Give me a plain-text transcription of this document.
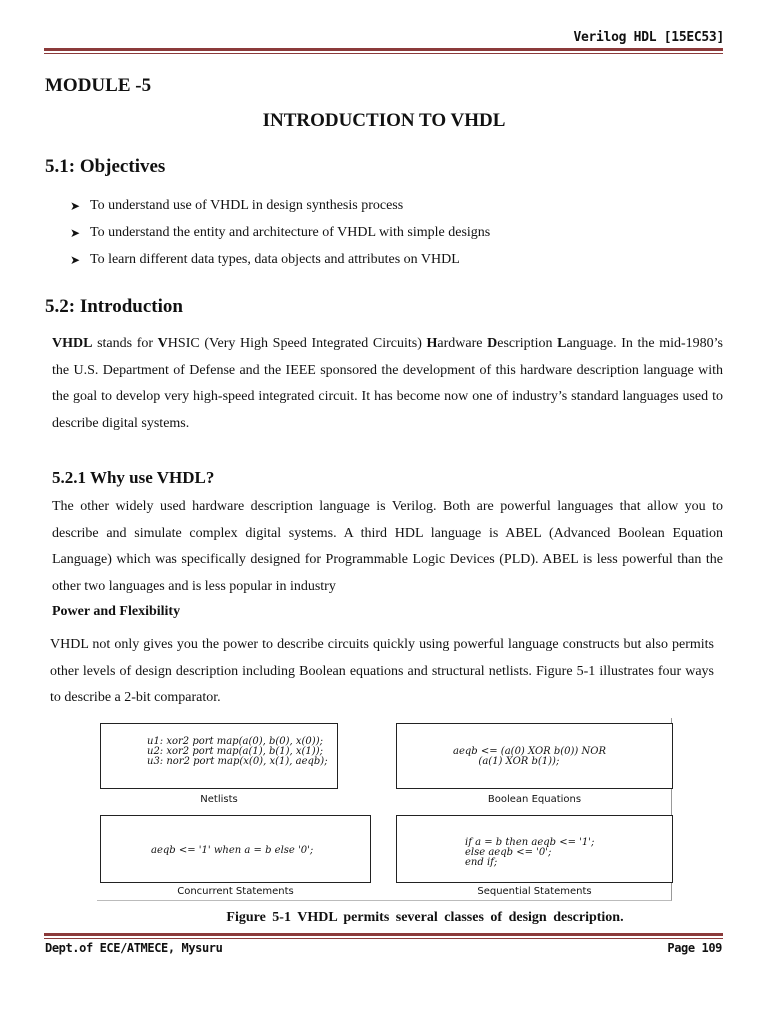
Verilog HDL [15EC53]
MODULE -5
INTRODUCTION TO VHDL
5.1: Objectives
➤ To understand use of VHDL in design synthesis process
➤ To understand the entity and architecture of VHDL with simple designs
➤ To learn different data types, data objects and attributes on VHDL
5.2: Introduction

VHDL stands for VHSIC (Very High Speed Integrated Circuits) Hardware Description Language. In the mid-1980’s the U.S. Department of Defense and the IEEE sponsored the development of this hardware description language with the goal to develop very high-speed integrated circuit. It has become now one of industry’s standard languages used to describe digital systems.

5.2.1 Why use VHDL?

The other widely used hardware description language is Verilog. Both are powerful languages that allow you to describe and simulate complex digital systems. A third HDL language is ABEL (Advanced Boolean Equation Language) which was specifically designed for Programmable Logic Devices (PLD). ABEL is less powerful than the other two languages and is less popular in industry

Power and Flexibility

VHDL not only gives you the power to describe circuits quickly using powerful language constructs but also permits other levels of design description including Boolean equations and structural netlists. Figure 5-1 illustrates four ways to describe a 2-bit comparator.

u1: xor2 port map(a(0), b(0), x(0));
u2: xor2 port map(a(1), b(1), x(1));
u3: nor2 port map(x(0), x(1), aeqb);
Netlists
aeqb <= (a(0) XOR b(0)) NOR
(a(1) XOR b(1));
Boolean Equations
aeqb <= '1' when a = b else '0';
Concurrent Statements
if a = b then aeqb <= '1';
else aeqb <= '0';
end if;
Sequential Statements
Figure 5-1 VHDL permits several classes of design description.
Dept.of ECE/ATMECE, Mysuru	Page 109
